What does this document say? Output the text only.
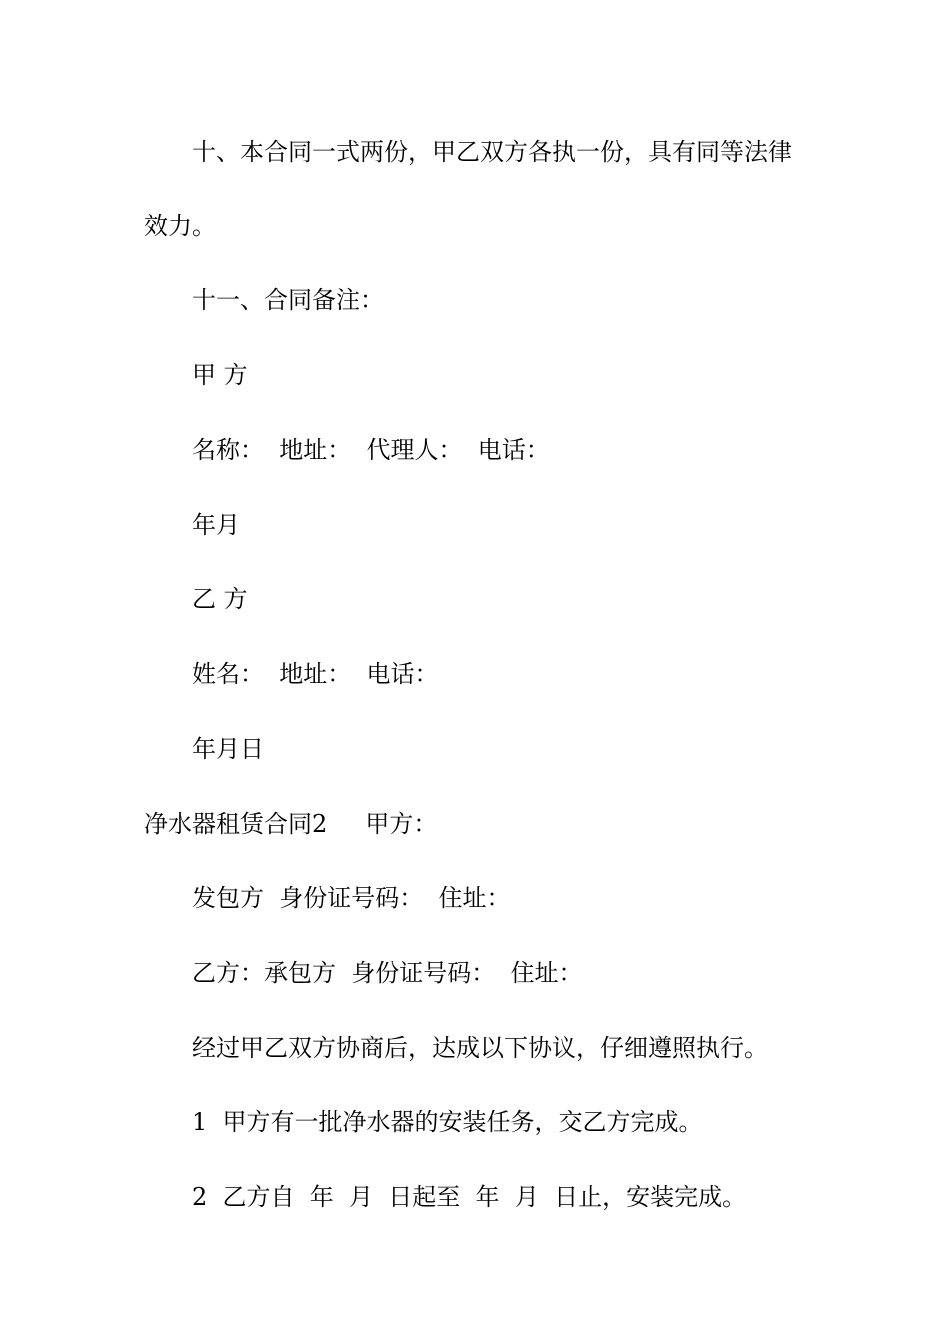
十、本合同一式两份，甲乙双方各执一份，具有同等法律
效力。
十一、合同备注：
甲 方
名称：  地址：  代理人：  电话：
年月
乙 方
姓名：  地址：  电话：
年月日
净水器租赁合同2     甲方：
发包方  身份证号码：  住址：
乙方：承包方  身份证号码：  住址：
经过甲乙双方协商后，达成以下协议，仔细遵照执行。
1  甲方有一批净水器的安装任务，交乙方完成。
2  乙方自  年  月  日起至  年  月  日止，安装完成。
